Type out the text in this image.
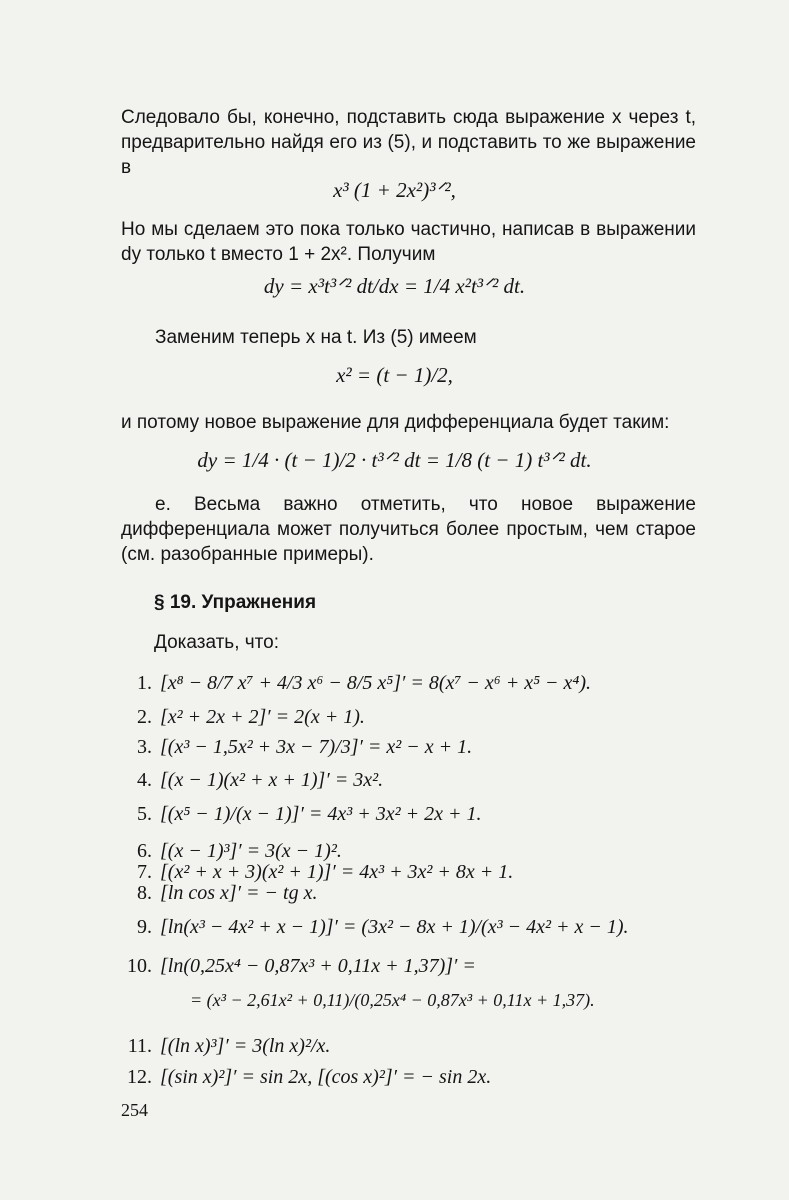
Следовало бы, конечно, подставить сюда выражение x через t, предварительно найдя его из (5), и подставить то же выражение в
x³ (1 + 2x²)³ᐟ²,
Но мы сделаем это пока только частично, написав в выражении dy только t вместо 1 + 2x². Получим
dy = x³t³ᐟ² dt/dx = 1/4 x²t³ᐟ² dt.
Заменим теперь x на t. Из (5) имеем
x² = (t − 1)/2,
и потому новое выражение для дифференциала будет таким:
dy = 1/4 · (t − 1)/2 · t³ᐟ² dt = 1/8 (t − 1) t³ᐟ² dt.
е. Весьма важно отметить, что новое выражение дифференциала может получиться более простым, чем старое (см. разобранные примеры).
§ 19. Упражнения
Доказать, что:
1. [x⁸ − 8/7 x⁷ + 4/3 x⁶ − 8/5 x⁵]′ = 8(x⁷ − x⁶ + x⁵ − x⁴).
2. [x² + 2x + 2]′ = 2(x + 1).
3. [(x³ − 1,5x² + 3x − 7)/3]′ = x² − x + 1.
4. [(x − 1)(x² + x + 1)]′ = 3x².
5. [(x⁵ − 1)/(x − 1)]′ = 4x³ + 3x² + 2x + 1.
6. [(x − 1)³]′ = 3(x − 1)².
7. [(x² + x + 3)(x² + 1)]′ = 4x³ + 3x² + 8x + 1.
8. [ln cos x]′ = − tg x.
9. [ln(x³ − 4x² + x − 1)]′ = (3x² − 8x + 1)/(x³ − 4x² + x − 1).
10. [ln(0,25x⁴ − 0,87x³ + 0,11x + 1,37)]′ =
= (x³ − 2,61x² + 0,11)/(0,25x⁴ − 0,87x³ + 0,11x + 1,37).
11. [(ln x)³]′ = 3(ln x)²/x.
12. [(sin x)²]′ = sin 2x, [(cos x)²]′ = − sin 2x.
254
